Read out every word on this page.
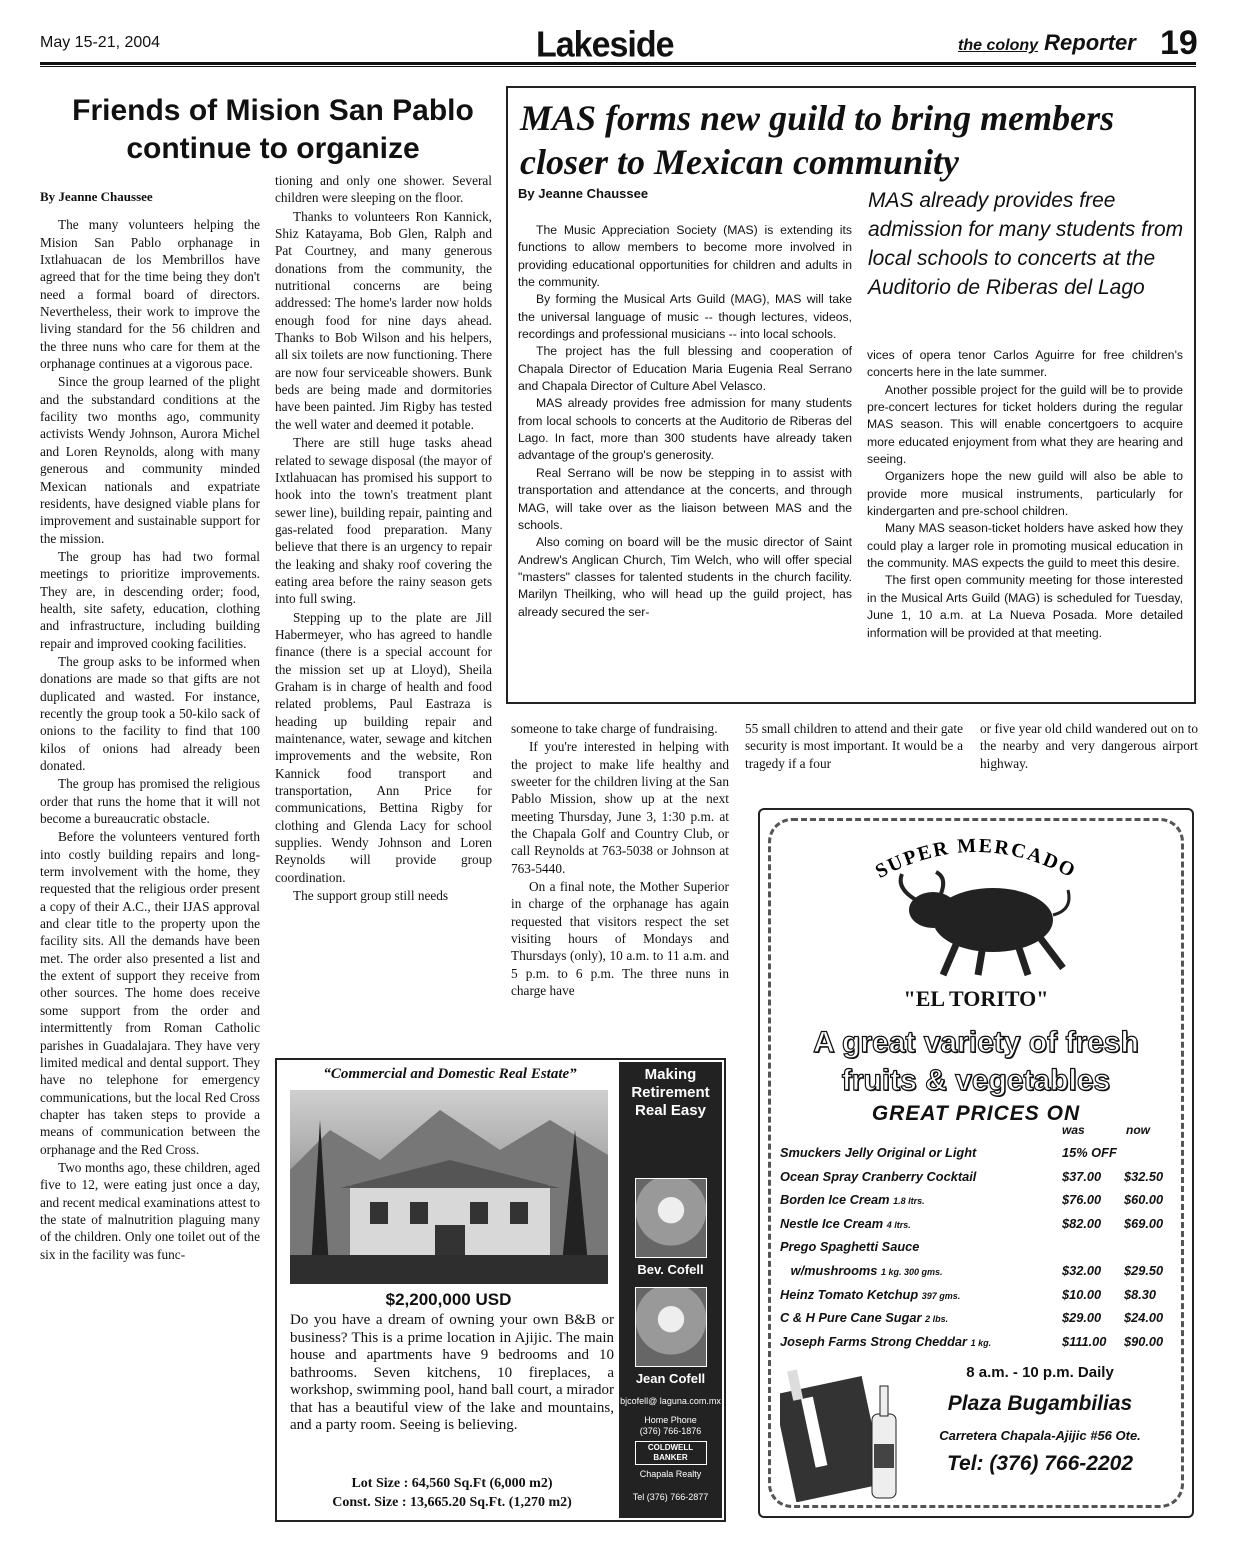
May 15-21, 2004	Lakeside	the colony Reporter 19
Friends of Mision San Pablo continue to organize

By Jeanne Chaussee

The many volunteers helping the Mision San Pablo orphanage in Ixtlahuacan de los Membrillos have agreed that for the time being they don't need a formal board of directors. Nevertheless, their work to improve the living standard for the 56 children and the three nuns who care for them at the orphanage continues at a vigorous pace.

Since the group learned of the plight and the substandard conditions at the facility two months ago, community activists Wendy Johnson, Aurora Michel and Loren Reynolds, along with many generous and community minded Mexican nationals and expatriate residents, have designed viable plans for improvement and sustainable support for the mission.

The group has had two formal meetings to prioritize improvements. They are, in descending order; food, health, site safety, education, clothing and infrastructure, including building repair and improved cooking facilities.

The group asks to be informed when donations are made so that gifts are not duplicated and wasted. For instance, recently the group took a 50-kilo sack of onions to the facility to find that 100 kilos of onions had already been donated.

The group has promised the religious order that runs the home that it will not become a bureaucratic obstacle.

Before the volunteers ventured forth into costly building repairs and long-term involvement with the home, they requested that the religious order present a copy of their A.C., their IJAS approval and clear title to the property upon the facility sits. All the demands have been met. The order also presented a list and the extent of support they receive from other sources. The home does receive some support from the order and intermittently from Roman Catholic parishes in Guadalajara. They have very limited medical and dental support. They have no telephone for emergency communications, but the local Red Cross chapter has taken steps to provide a means of communication between the orphanage and the Red Cross.

Two months ago, these children, aged five to 12, were eating just once a day, and recent medical examinations attest to the state of malnutrition plaguing many of the children. Only one toilet out of the six in the facility was func-

tioning and only one shower. Several children were sleeping on the floor.

Thanks to volunteers Ron Kannick, Shiz Katayama, Bob Glen, Ralph and Pat Courtney, and many generous donations from the community, the nutritional concerns are being addressed: The home's larder now holds enough food for nine days ahead. Thanks to Bob Wilson and his helpers, all six toilets are now functioning. There are now four serviceable showers. Bunk beds are being made and dormitories have been painted. Jim Rigby has tested the well water and deemed it potable.

There are still huge tasks ahead related to sewage disposal (the mayor of Ixtlahuacan has promised his support to hook into the town's treatment plant sewer line), building repair, painting and gas-related food preparation. Many believe that there is an urgency to repair the leaking and shaky roof covering the eating area before the rainy season gets into full swing.

Stepping up to the plate are Jill Habermeyer, who has agreed to handle finance (there is a special account for the mission set up at Lloyd), Sheila Graham is in charge of health and food related problems, Paul Eastraza is heading up building repair and maintenance, water, sewage and kitchen improvements and the website, Ron Kannick food transport and transportation, Ann Price for communications, Bettina Rigby for clothing and Glenda Lacy for school supplies. Wendy Johnson and Loren Reynolds will provide group coordination.

The support group still needs

someone to take charge of fundraising.

If you're interested in helping with the project to make life healthy and sweeter for the children living at the San Pablo Mission, show up at the next meeting Thursday, June 3, 1:30 p.m. at the Chapala Golf and Country Club, or call Reynolds at 763-5038 or Johnson at 763-5440.

On a final note, the Mother Superior in charge of the orphanage has again requested that visitors respect the set visiting hours of Mondays and Thursdays (only), 10 a.m. to 11 a.m. and 5 p.m. to 6 p.m. The three nuns in charge have

55 small children to attend and their gate security is most important. It would be a tragedy if a four

or five year old child wandered out on to the nearby and very dangerous airport highway.

MAS forms new guild to bring members closer to Mexican community
By Jeanne Chaussee	MAS already provides free admission for many students from local schools to concerts at the Auditorio de Riberas del Lago

The Music Appreciation Society (MAS) is extending its functions to allow members to become more involved in providing educational opportunities for children and adults in the community.

By forming the Musical Arts Guild (MAG), MAS will take the universal language of music -- though lectures, videos, recordings and professional musicians -- into local schools.

The project has the full blessing and cooperation of Chapala Director of Education Maria Eugenia Real Serrano and Chapala Director of Culture Abel Velasco.

MAS already provides free admission for many students from local schools to concerts at the Auditorio de Riberas del Lago. In fact, more than 300 students have already taken advantage of the group's generosity.

Real Serrano will be now be stepping in to assist with transportation and attendance at the concerts, and through MAG, will take over as the liaison between MAS and the schools.

Also coming on board will be the music director of Saint Andrew's Anglican Church, Tim Welch, who will offer special "masters" classes for talented students in the church facility. Marilyn Theilking, who will head up the guild project, has already secured the ser-

vices of opera tenor Carlos Aguirre for free children's concerts here in the late summer.

Another possible project for the guild will be to provide pre-concert lectures for ticket holders during the regular MAS season. This will enable concertgoers to acquire more educated enjoyment from what they are hearing and seeing.

Organizers hope the new guild will also be able to provide more musical instruments, particularly for kindergarten and pre-school children.

Many MAS season-ticket holders have asked how they could play a larger role in promoting musical education in the community. MAS expects the guild to meet this desire.

The first open community meeting for those interested in the Musical Arts Guild (MAG) is scheduled for Tuesday, June 1, 10 a.m. at La Nueva Posada. More detailed information will be provided at that meeting.

“Commercial and Domestic Real Estate”
$2,200,000 USD
Do you have a dream of owning your own B&B or business? This is a prime location in Ajijic. The main house and apartments have 9 bedrooms and 10 bathrooms. Seven kitchens, 10 fireplaces, a workshop, swimming pool, hand ball court, a mirador that has a beautiful view of the lake and mountains, and a party room. Seeing is believing.
Lot Size : 64,560 Sq.Ft (6,000 m2)
Const. Size : 13,665.20 Sq.Ft. (1,270 m2)
Making Retirement Real Easy
Bev. Cofell
Jean Cofell
bjcofell@ laguna.com.mx
Home Phone
(376) 766-1876
COLDWELL BANKER
Chapala Realty
Tel (376) 766-2877
SUPER MERCADO
"EL TORITO"
A great variety of fresh fruits & vegetables
GREAT PRICES ON
was	now
Smuckers Jelly Original or Light	15% OFF
Ocean Spray Cranberry Cocktail	$37.00	$32.50
Borden Ice Cream 1.8 ltrs.	$76.00	$60.00
Nestle Ice Cream 4 ltrs.	$82.00	$69.00
Prego Spaghetti Sauce
w/mushrooms 1 kg. 300 gms.	$32.00	$29.50
Heinz Tomato Ketchup 397 gms.	$10.00	$8.30
C & H Pure Cane Sugar 2 lbs.	$29.00	$24.00
Joseph Farms Strong Cheddar 1 kg.	$111.00	$90.00
8 a.m. - 10 p.m. Daily
Plaza Bugambilias
Carretera Chapala-Ajijic #56 Ote.
Tel: (376) 766-2202
